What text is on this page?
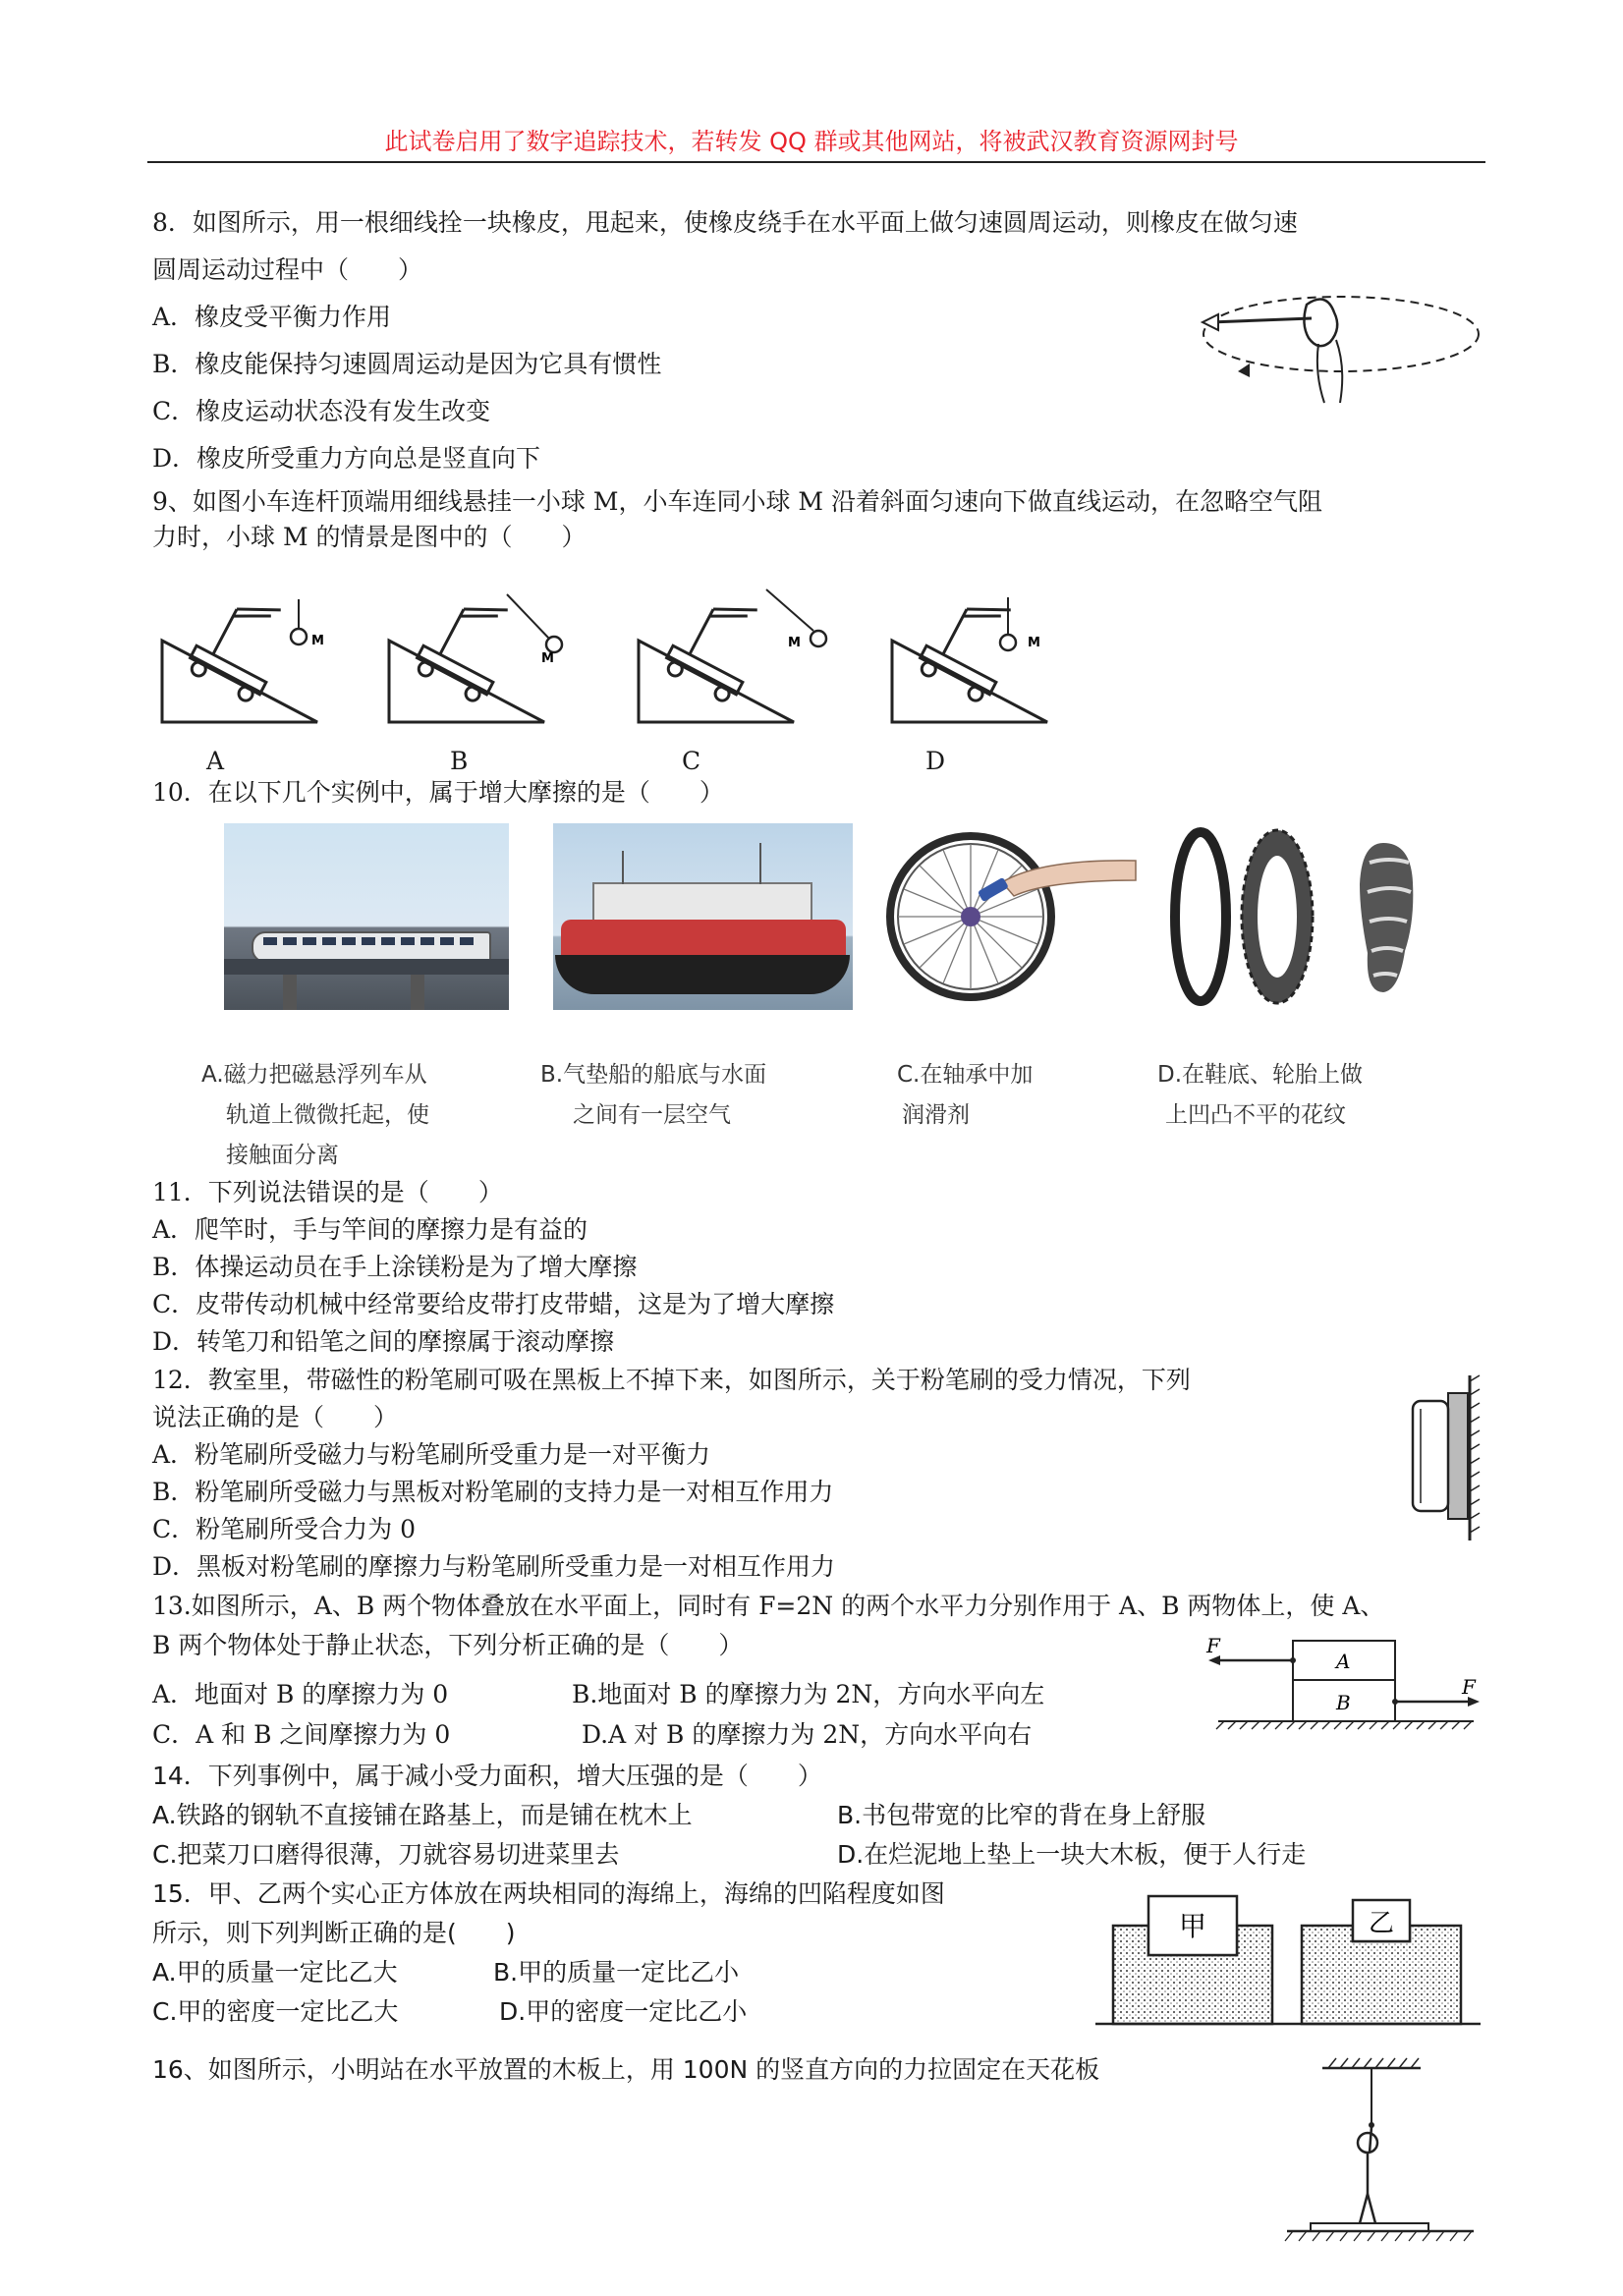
此试卷启用了数字追踪技术，若转发 QQ 群或其他网站，将被武汉教育资源网封号
8．如图所示，用一根细线拴一块橡皮，甩起来，使橡皮绕手在水平面上做匀速圆周运动，则橡皮在做匀速
圆周运动过程中（　　）
A．橡皮受平衡力作用
B．橡皮能保持匀速圆周运动是因为它具有惯性
C．橡皮运动状态没有发生改变
D．橡皮所受重力方向总是竖直向下
9、如图小车连杆顶端用细线悬挂一小球 M，小车连同小球 M 沿着斜面匀速向下做直线运动，在忽略空气阻
力时，小球 M 的情景是图中的（　　）
M
M
M	M
A	B	C	D
10．在以下几个实例中，属于增大摩擦的是（　　）
A.磁力把磁悬浮列车从
轨道上微微托起，使
接触面分离
B.气垫船的船底与水面
之间有一层空气
C.在轴承中加
润滑剂
D.在鞋底、轮胎上做
上凹凸不平的花纹
11．下列说法错误的是（　　）
A．爬竿时，手与竿间的摩擦力是有益的
B．体操运动员在手上涂镁粉是为了增大摩擦
C．皮带传动机械中经常要给皮带打皮带蜡，这是为了增大摩擦
D．转笔刀和铅笔之间的摩擦属于滚动摩擦
12．教室里，带磁性的粉笔刷可吸在黑板上不掉下来，如图所示，关于粉笔刷的受力情况，下列
说法正确的是（　　）
A．粉笔刷所受磁力与粉笔刷所受重力是一对平衡力
B．粉笔刷所受磁力与黑板对粉笔刷的支持力是一对相互作用力
C．粉笔刷所受合力为 0
D．黑板对粉笔刷的摩擦力与粉笔刷所受重力是一对相互作用力
13.如图所示，A、B 两个物体叠放在水平面上，同时有 F=2N 的两个水平力分别作用于 A、B 两物体上，使 A、
B 两个物体处于静止状态，下列分析正确的是（　　）
A．地面对 B 的摩擦力为 0	B.地面对 B 的摩擦力为 2N，方向水平向左
C．A 和 B 之间摩擦力为 0	D.A 对 B 的摩擦力为 2N，方向水平向右
A
B
F
F
14．下列事例中，属于减小受力面积，增大压强的是（　　）
A.铁路的钢轨不直接铺在路基上，而是铺在枕木上	B.书包带宽的比窄的背在身上舒服
C.把菜刀口磨得很薄，刀就容易切进菜里去	D.在烂泥地上垫上一块大木板，便于人行走
15．甲、乙两个实心正方体放在两块相同的海绵上，海绵的凹陷程度如图
所示，则下列判断正确的是(　　)
A.甲的质量一定比乙大	B.甲的质量一定比乙小
C.甲的密度一定比乙大	D.甲的密度一定比乙小
甲	乙
16、如图所示，小明站在水平放置的木板上，用 100N 的竖直方向的力拉固定在天花板
